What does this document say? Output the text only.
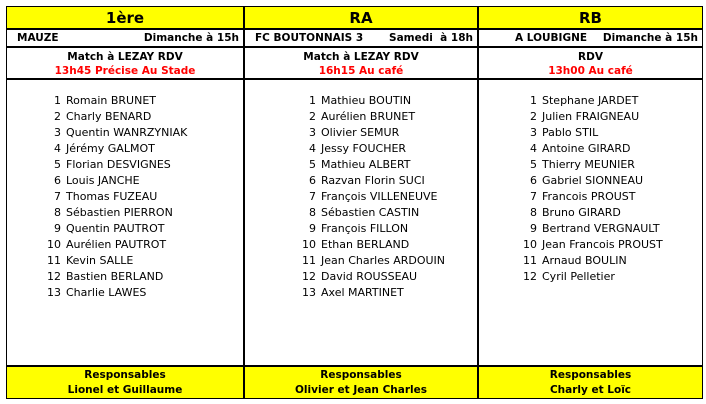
1ère
MAUZE	Dimanche à 15h
Match à LEZAY RDV
13h45 Précise Au Stade
1 Romain BRUNET
2 Charly BENARD
3 Quentin WANRZYNIAK
4 Jérémy GALMOT
5 Florian DESVIGNES
6 Louis JANCHE
7 Thomas FUZEAU
8 Sébastien PIERRON
9 Quentin PAUTROT
10 Aurélien PAUTROT
11 Kevin SALLE
12 Bastien BERLAND
13 Charlie LAWES
Responsables
Lionel et Guillaume
RA
FC BOUTONNAIS 3 Samedi  à 18h
Match à LEZAY RDV
16h15 Au café
1 Mathieu BOUTIN
2 Aurélien BRUNET
3 Olivier SEMUR
4 Jessy FOUCHER
5 Mathieu ALBERT
6 Razvan Florin SUCI
7 François VILLENEUVE
8 Sébastien CASTIN
9 François FILLON
10 Ethan BERLAND
11 Jean Charles ARDOUIN
12 David ROUSSEAU
13 Axel MARTINET
Responsables
Olivier et Jean Charles
RB
A LOUBIGNE Dimanche à 15h
RDV
13h00 Au café
1 Stephane JARDET
2 Julien FRAIGNEAU
3 Pablo STIL
4 Antoine GIRARD
5 Thierry MEUNIER
6 Gabriel SIONNEAU
7 Francois PROUST
8 Bruno GIRARD
9 Bertrand VERGNAULT
10 Jean Francois PROUST
11 Arnaud BOULIN
12 Cyril Pelletier
Responsables
Charly et Loïc
